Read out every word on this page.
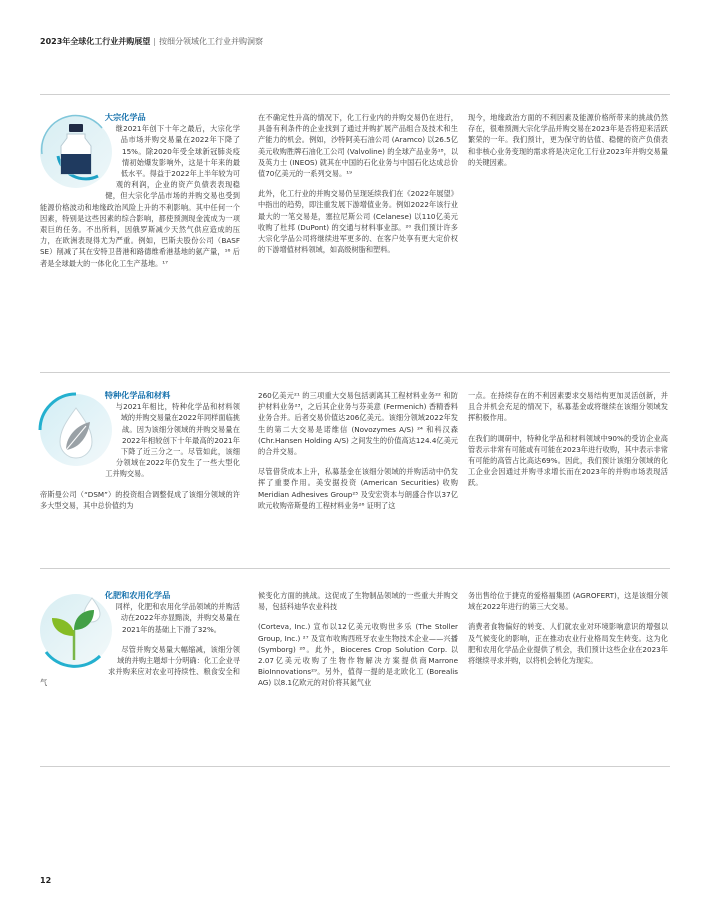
2023年全球化工行业并购展望 | 按细分领域化工行业并购洞察

大宗化学品
继2021年创下十年之最后，大宗化学品市场并购交易量在2022年下降了15%。除2020年受全球新冠肺炎疫情初始爆发影响外，这是十年来的最低水平。得益于2022年上半年较为可观的利润，企业的资产负债表表现稳健，但大宗化学品市场的并购交易也受到能源价格波动和地缘政治风险上升的不利影响。其中任何一个因素，特别是这些因素的综合影响，都使预测现金流成为一项艰巨的任务。不出所料，因俄罗斯减少天然气供应造成的压力，在欧洲表现得尤为严重。例如，巴斯夫股份公司（BASF SE）削减了其在安特卫普港和路德维希港基地的氨产量，¹⁶ 后者是全球最大的一体化化工生产基地。¹⁷

在不确定性升高的情况下，化工行业内的并购交易仍在进行，具备有利条件的企业找到了通过并购扩展产品组合及技术和生产能力的机会。例如，沙特阿美石油公司 (Aramco) 以26.5亿美元收购胜牌石油化工公司 (Valvoline) 的全球产品业务¹⁸，以及英力士 (INEOS) 就其在中国的石化业务与中国石化达成总价值70亿美元的一系列交易。¹⁹

此外，化工行业的并购交易仍呈现延续我们在《2022年展望》中指出的趋势，即注重发展下游增值业务。例如2022年该行业最大的一笔交易是，塞拉尼斯公司 (Celanese) 以110亿美元收购了杜邦 (DuPont) 的交通与材料事业部。²⁰ 我们预计许多大宗化学品公司将继续进军更多的、在客户处享有更大定价权的下游增值材料领域，如高级树脂和塑料。

现今，地缘政治方面的不利因素及能源价格所带来的挑战仍然存在，很难预测大宗化学品并购交易在2023年是否将迎来活跃繁荣的一年。我们预计，更为保守的估值、稳健的资产负债表和非核心业务变现的需求将是决定化工行业2023年并购交易量的关键因素。

特种化学品和材料
与2021年相比，特种化学品和材料领域的并购交易量在2022年同样面临挑战。因为该细分领域的并购交易量在2022年相较创下十年最高的2021年下降了近三分之一。尽管如此，该细分领域在2022年仍发生了一些大型化工并购交易。

帝斯曼公司（“DSM”）的投资组合调整促成了该细分领域的许多大型交易，其中总价值约为

260亿美元²¹ 的三项重大交易包括剥离其工程材料业务²² 和防护材料业务²³，之后其企业务与芬美意 (Fermenich) 香精香料业务合并。后者交易价值达206亿美元。该细分领域2022年发生的第二大交易是诺维信 (Novozymes A/S) ²⁴ 和科汉森 (Chr.Hansen Holding A/S) 之间发生的价值高达124.4亿美元的合并交易。

尽管借贷成本上升，私募基金在该细分领域的并购活动中仍发挥了重要作用。美安据投资 (American Securities) 收购Meridian Adhesives Group²⁵ 及安宏资本与朗盛合作以37亿欧元收购帝斯曼的工程材料业务²⁶ 证明了这

一点。在持续存在的不利因素要求交易结构更加灵活创新，并且合并机会充足的情况下，私募基金或将继续在该细分领域发挥积极作用。

在我们的调研中，特种化学品和材料领域中90%的受访企业高管表示非常有可能或有可能在2023年进行收购，其中表示非常有可能的高管占比高达69%。因此，我们预计该细分领域的化工企业会因通过并购寻求增长而在2023年的并购市场表现活跃。

化肥和农用化学品
同样，化肥和农用化学品领域的并购活动在2022年亦显黯淡，并购交易量在2021年的基础上下滑了32%。

尽管并购交易量大幅缩减，该细分领域的并购主题却十分明确：化工企业寻求并购来应对农业可持续性、粮食安全和气

候变化方面的挑战。这促成了生物制品领域的一些重大并购交易，包括科迪华农业科技

(Corteva, Inc.) 宣布以12亿美元收购世多乐 (The Stoller Group, Inc.) ²⁷ 及宣布收购西班牙农业生物技术企业——兴播 (Symborg) ²⁸。此外，Bioceres Crop Solution Corp. 以2.07亿美元收购了生物作物解决方案提供商Marrone BioInnovations²⁹。另外，值得一提的是北欧化工 (Borealis AG) 以8.1亿欧元的对价将其氮气业

务出售给位于捷克的爱格福集团 (AGROFERT)，这是该细分领域在2022年进行的第三大交易。

消费者食物偏好的转变、人们就农业对环境影响意识的增强以及气候变化的影响，正在推动农业行业格局发生转变。这为化肥和农用化学品企业提供了机会，我们预计这些企业在2023年将继续寻求并购，以将机会转化为现实。

12
